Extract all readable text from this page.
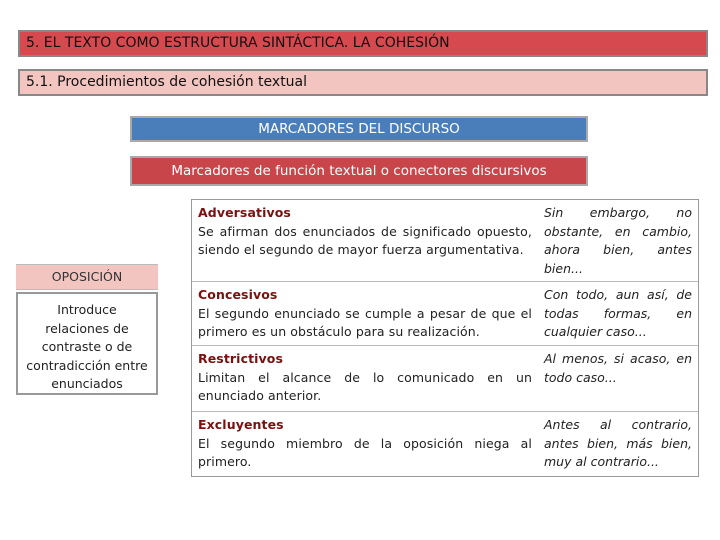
5. EL TEXTO COMO ESTRUCTURA SINTÁCTICA. LA COHESIÓN
5.1. Procedimientos de cohesión textual
MARCADORES DEL DISCURSO
Marcadores de función textual o conectores discursivos
OPOSICIÓN
Introduce relaciones de contraste o de contradicción entre enunciados
Adversativos
Se afirman dos enunciados de significado opuesto, siendo el segundo de mayor fuerza argumentativa.
Sin embargo, no obstante, en cambio, ahora bien, antes bien...
Concesivos
El segundo enunciado se cumple a pesar de que el primero es un obstáculo para su realización.
Con todo, aun así, de todas formas, en cualquier caso...
Restrictivos
Limitan el alcance de lo comunicado en un enunciado anterior.
Al menos, si acaso, en todo caso...
Excluyentes
El segundo miembro de la oposición niega al primero.
Antes al contrario, antes bien, más bien, muy al contrario...
